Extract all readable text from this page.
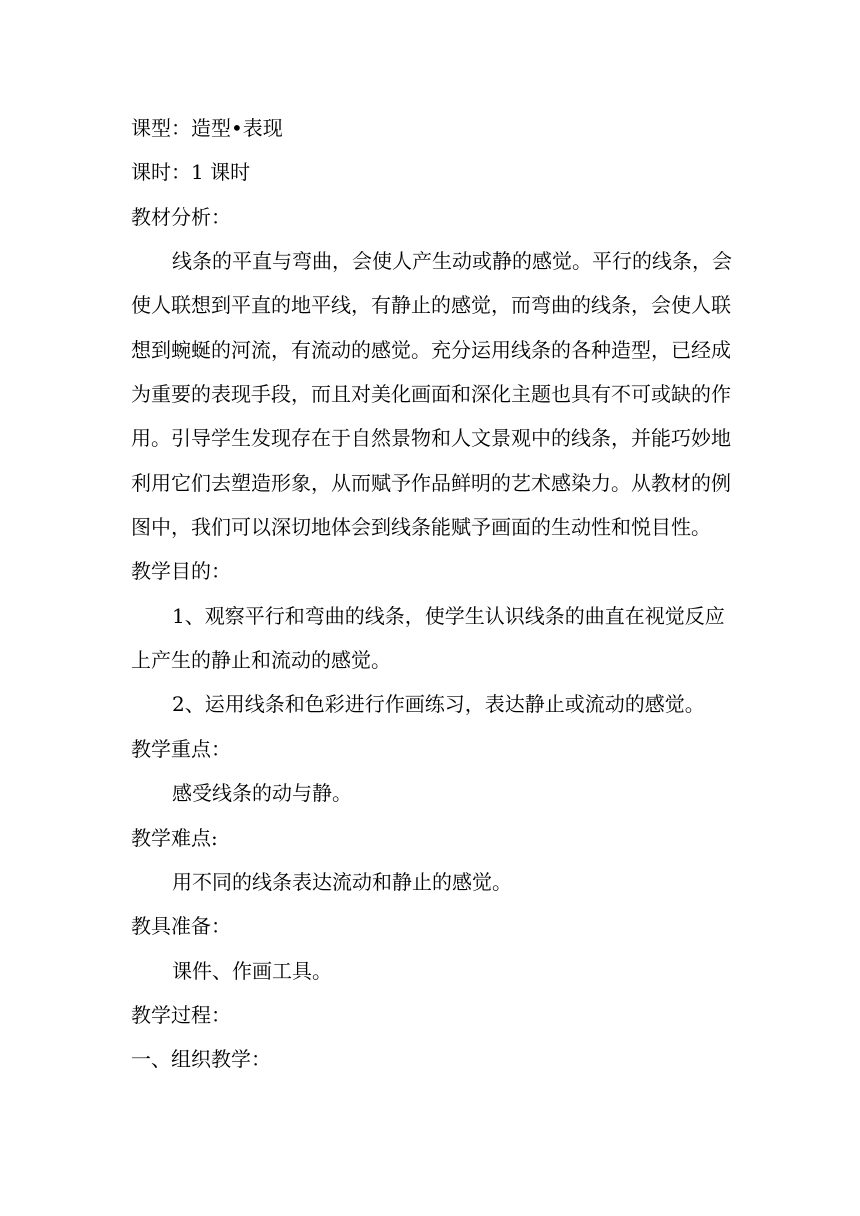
课型：造型•表现
课时：1 课时
教材分析：
线条的平直与弯曲，会使人产生动或静的感觉。平行的线条，会
使人联想到平直的地平线，有静止的感觉，而弯曲的线条，会使人联
想到蜿蜒的河流，有流动的感觉。充分运用线条的各种造型，已经成
为重要的表现手段，而且对美化画面和深化主题也具有不可或缺的作
用。引导学生发现存在于自然景物和人文景观中的线条，并能巧妙地
利用它们去塑造形象，从而赋予作品鲜明的艺术感染力。从教材的例
图中，我们可以深切地体会到线条能赋予画面的生动性和悦目性。
教学目的：
1、观察平行和弯曲的线条，使学生认识线条的曲直在视觉反应
上产生的静止和流动的感觉。
2、运用线条和色彩进行作画练习，表达静止或流动的感觉。
教学重点：
感受线条的动与静。
教学难点:
用不同的线条表达流动和静止的感觉。
教具准备：
课件、作画工具。
教学过程：
一、组织教学：
